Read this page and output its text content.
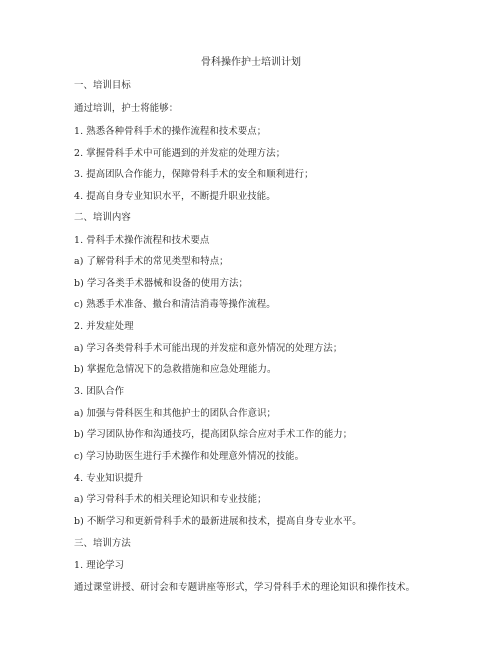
骨科操作护士培训计划
一、培训目标
通过培训，护士将能够：
1. 熟悉各种骨科手术的操作流程和技术要点；
2. 掌握骨科手术中可能遇到的并发症的处理方法；
3. 提高团队合作能力，保障骨科手术的安全和顺利进行；
4. 提高自身专业知识水平，不断提升职业技能。
二、培训内容
1. 骨科手术操作流程和技术要点
a) 了解骨科手术的常见类型和特点；
b) 学习各类手术器械和设备的使用方法；
c) 熟悉手术准备、撤台和清洁消毒等操作流程。
2. 并发症处理
a) 学习各类骨科手术可能出现的并发症和意外情况的处理方法；
b) 掌握危急情况下的急救措施和应急处理能力。
3. 团队合作
a) 加强与骨科医生和其他护士的团队合作意识；
b) 学习团队协作和沟通技巧，提高团队综合应对手术工作的能力；
c) 学习协助医生进行手术操作和处理意外情况的技能。
4. 专业知识提升
a) 学习骨科手术的相关理论知识和专业技能；
b) 不断学习和更新骨科手术的最新进展和技术，提高自身专业水平。
三、培训方法
1. 理论学习
通过课堂讲授、研讨会和专题讲座等形式，学习骨科手术的理论知识和操作技术。
